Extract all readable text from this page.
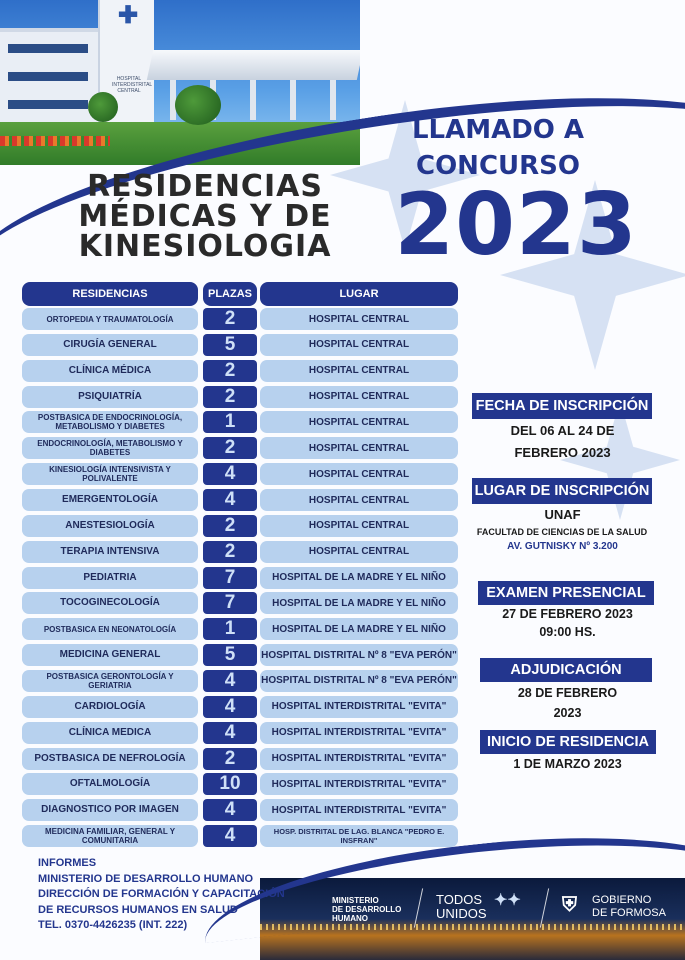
✚
HOSPITAL INTERDISTRITAL CENTRAL
LLAMADO A CONCURSO
RESIDENCIAS MÉDICAS Y DE KINESIOLOGIA 2023
RESIDENCIAS	PLAZAS	LUGAR
ORTOPEDIA Y TRAUMATOLOGÍA	2	HOSPITAL CENTRAL
CIRUGÍA GENERAL	5	HOSPITAL CENTRAL
CLÍNICA MÉDICA	2	HOSPITAL CENTRAL
PSIQUIATRÍA	2	HOSPITAL CENTRAL
POSTBASICA DE ENDOCRINOLOGÍA, METABOLISMO Y DIABETES	1	HOSPITAL CENTRAL
ENDOCRINOLOGÍA, METABOLISMO Y DIABETES	2	HOSPITAL CENTRAL
KINESIOLOGÍA INTENSIVISTA Y POLIVALENTE	4	HOSPITAL CENTRAL
EMERGENTOLOGÍA	4	HOSPITAL CENTRAL
ANESTESIOLOGÍA	2	HOSPITAL CENTRAL
TERAPIA INTENSIVA	2	HOSPITAL CENTRAL
PEDIATRIA	7	HOSPITAL DE LA MADRE Y EL NIÑO
TOCOGINECOLOGÍA	7	HOSPITAL DE LA MADRE Y EL NIÑO
POSTBASICA EN NEONATOLOGÍA	1	HOSPITAL DE LA MADRE Y EL NIÑO
MEDICINA GENERAL	5	HOSPITAL DISTRITAL Nº 8 "EVA PERÓN"
POSTBASICA GERONTOLOGÍA Y GERIATRIA	4	HOSPITAL DISTRITAL Nº 8 "EVA PERÓN"
CARDIOLOGÍA	4	HOSPITAL INTERDISTRITAL "EVITA"
CLÍNICA MEDICA	4	HOSPITAL INTERDISTRITAL "EVITA"
POSTBASICA DE NEFROLOGÍA	2	HOSPITAL INTERDISTRITAL "EVITA"
OFTALMOLOGÍA	10	HOSPITAL INTERDISTRITAL "EVITA"
DIAGNOSTICO POR IMAGEN	4	HOSPITAL INTERDISTRITAL "EVITA"
MEDICINA FAMILIAR, GENERAL Y COMUNITARIA	4	HOSP. DISTRITAL DE LAG. BLANCA "PEDRO E. INSFRAN"
FECHA DE INSCRIPCIÓN
DEL 06 AL 24 DE
FEBRERO 2023
LUGAR DE INSCRIPCIÓN
UNAF
FACULTAD DE CIENCIAS DE LA SALUD
AV. GUTNISKY Nº 3.200
EXAMEN PRESENCIAL
27 DE FEBRERO 2023
09:00 HS.
ADJUDICACIÓN
28 DE FEBRERO
2023
INICIO DE RESIDENCIA
1 DE MARZO 2023
INFORMES
MINISTERIO DE DESARROLLO HUMANO
DIRECCIÓN DE FORMACIÓN Y CAPACITACIÓN
DE RECURSOS HUMANOS EN SALUD
TEL. 0370-4426235 (INT. 222)
MINISTERIO
DE DESARROLLO
HUMANO
TODOS
UNIDOS
✦✦ ⛨ GOBIERNO
DE FORMOSA
